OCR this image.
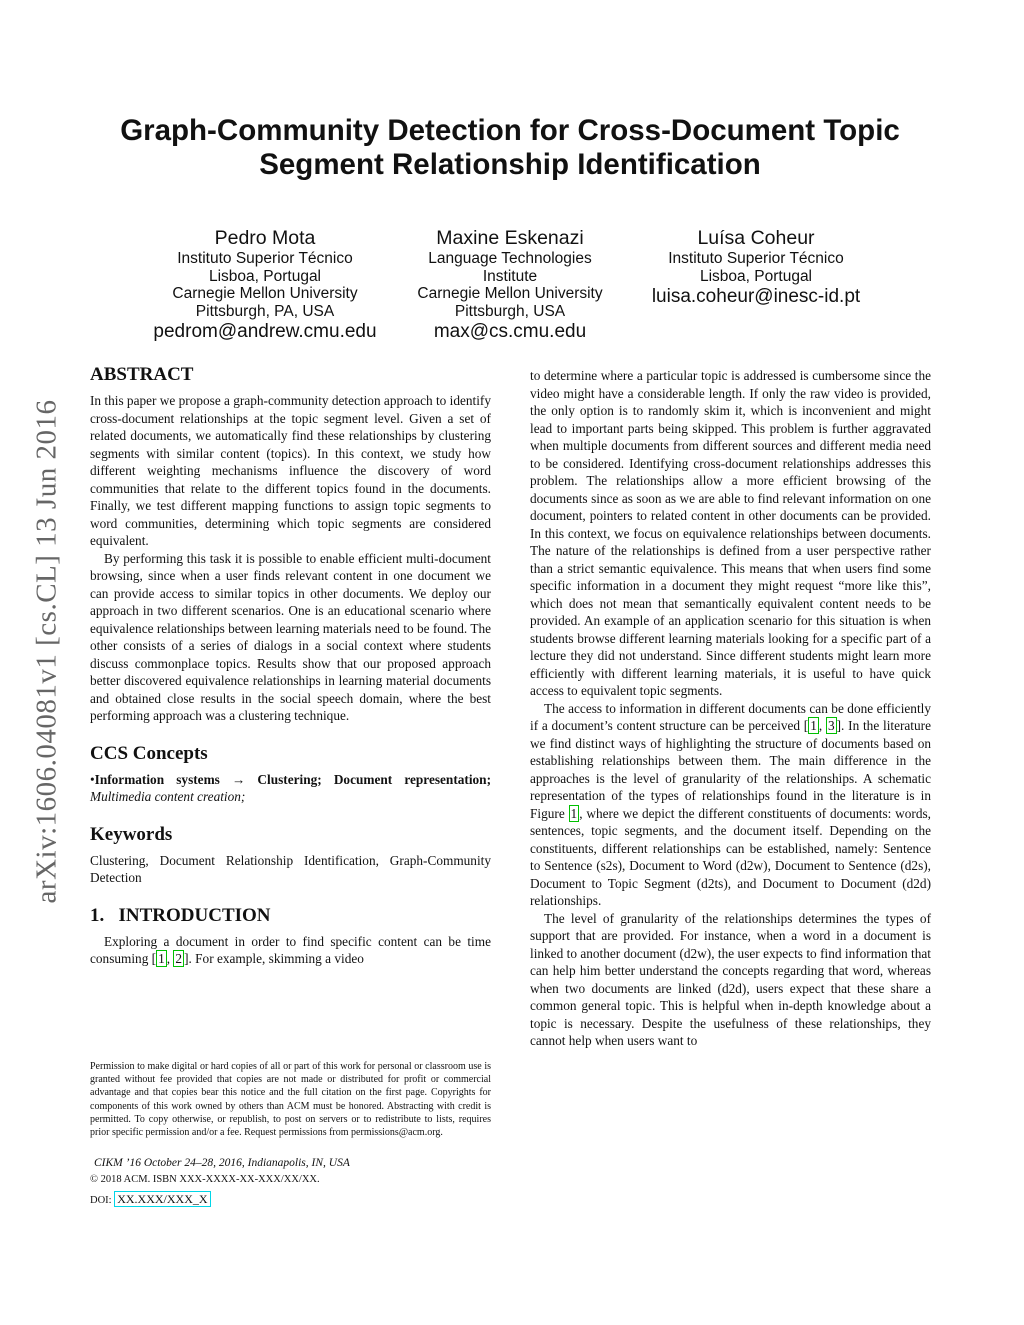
arXiv:1606.04081v1 [cs.CL] 13 Jun 2016
Graph-Community Detection for Cross-Document Topic
Segment Relationship Identification
Pedro Mota
Instituto Superior Técnico
Lisboa, Portugal
Carnegie Mellon University
Pittsburgh, PA, USA
pedrom@andrew.cmu.edu
Maxine Eskenazi
Language Technologies
Institute
Carnegie Mellon University
Pittsburgh, USA
max@cs.cmu.edu
Luísa Coheur
Instituto Superior Técnico
Lisboa, Portugal
luisa.coheur@inesc-id.pt
ABSTRACT

In this paper we propose a graph-community detection approach to identify cross-document relationships at the topic segment level. Given a set of related documents, we automatically find these relationships by clustering segments with similar content (topics). In this context, we study how different weighting mechanisms influence the discovery of word communities that relate to the different topics found in the documents. Finally, we test different mapping functions to assign topic segments to word communities, determining which topic segments are considered equivalent.

By performing this task it is possible to enable efficient multi-document browsing, since when a user finds relevant content in one document we can provide access to similar topics in other documents. We deploy our approach in two different scenarios. One is an educational scenario where equivalence relationships between learning materials need to be found. The other consists of a series of dialogs in a social context where students discuss commonplace topics. Results show that our proposed approach better discovered equivalence relationships in learning material documents and obtained close results in the social speech domain, where the best performing approach was a clustering technique.

CCS Concepts

•Information systems → Clustering; Document representation; Multimedia content creation;

Keywords

Clustering, Document Relationship Identification, Graph-Community Detection

1.   INTRODUCTION

Exploring a document in order to find specific content can be time consuming [ 1 , 2 ]. For example, skimming a video

to determine where a particular topic is addressed is cumbersome since the video might have a considerable length. If only the raw video is provided, the only option is to randomly skim it, which is inconvenient and might lead to important parts being skipped. This problem is further aggravated when multiple documents from different sources and different media need to be considered. Identifying cross-document relationships addresses this problem. The relationships allow a more efficient browsing of the documents since as soon as we are able to find relevant information on one document, pointers to related content in other documents can be provided. In this context, we focus on equivalence relationships between documents. The nature of the relationships is defined from a user perspective rather than a strict semantic equivalence. This means that when users find some specific information in a document they might request “more like this”, which does not mean that semantically equivalent content needs to be provided. An example of an application scenario for this situation is when students browse different learning materials looking for a specific part of a lecture they did not understand. Since different students might learn more efficiently with different learning materials, it is useful to have quick access to equivalent topic segments.

The access to information in different documents can be done efficiently if a document’s content structure can be perceived [ 1 , 3 ]. In the literature we find distinct ways of highlighting the structure of documents based on establishing relationships between them. The main difference in the approaches is the level of granularity of the relationships. A schematic representation of the types of relationships found in the literature is in Figure 1 , where we depict the different constituents of documents: words, sentences, topic segments, and the document itself. Depending on the constituents, different relationships can be established, namely: Sentence to Sentence (s2s), Document to Word (d2w), Document to Sentence (d2s), Document to Topic Segment (d2ts), and Document to Document (d2d) relationships.

The level of granularity of the relationships determines the types of support that are provided. For instance, when a word in a document is linked to another document (d2w), the user expects to find information that can help him better understand the concepts regarding that word, whereas when two documents are linked (d2d), users expect that these share a common general topic. This is helpful when in-depth knowledge about a topic is necessary. Despite the usefulness of these relationships, they cannot help when users want to

Permission to make digital or hard copies of all or part of this work for personal or classroom use is granted without fee provided that copies are not made or distributed for profit or commercial advantage and that copies bear this notice and the full citation on the first page. Copyrights for components of this work owned by others than ACM must be honored. Abstracting with credit is permitted. To copy otherwise, or republish, to post on servers or to redistribute to lists, requires prior specific permission and/or a fee. Request permissions from permissions@acm.org.

CIKM ’16 October 24–28, 2016, Indianapolis, IN, USA
© 2018 ACM. ISBN XXX-XXXX-XX-XXX/XX/XX.
DOI: XX.XXX/XXX_X
